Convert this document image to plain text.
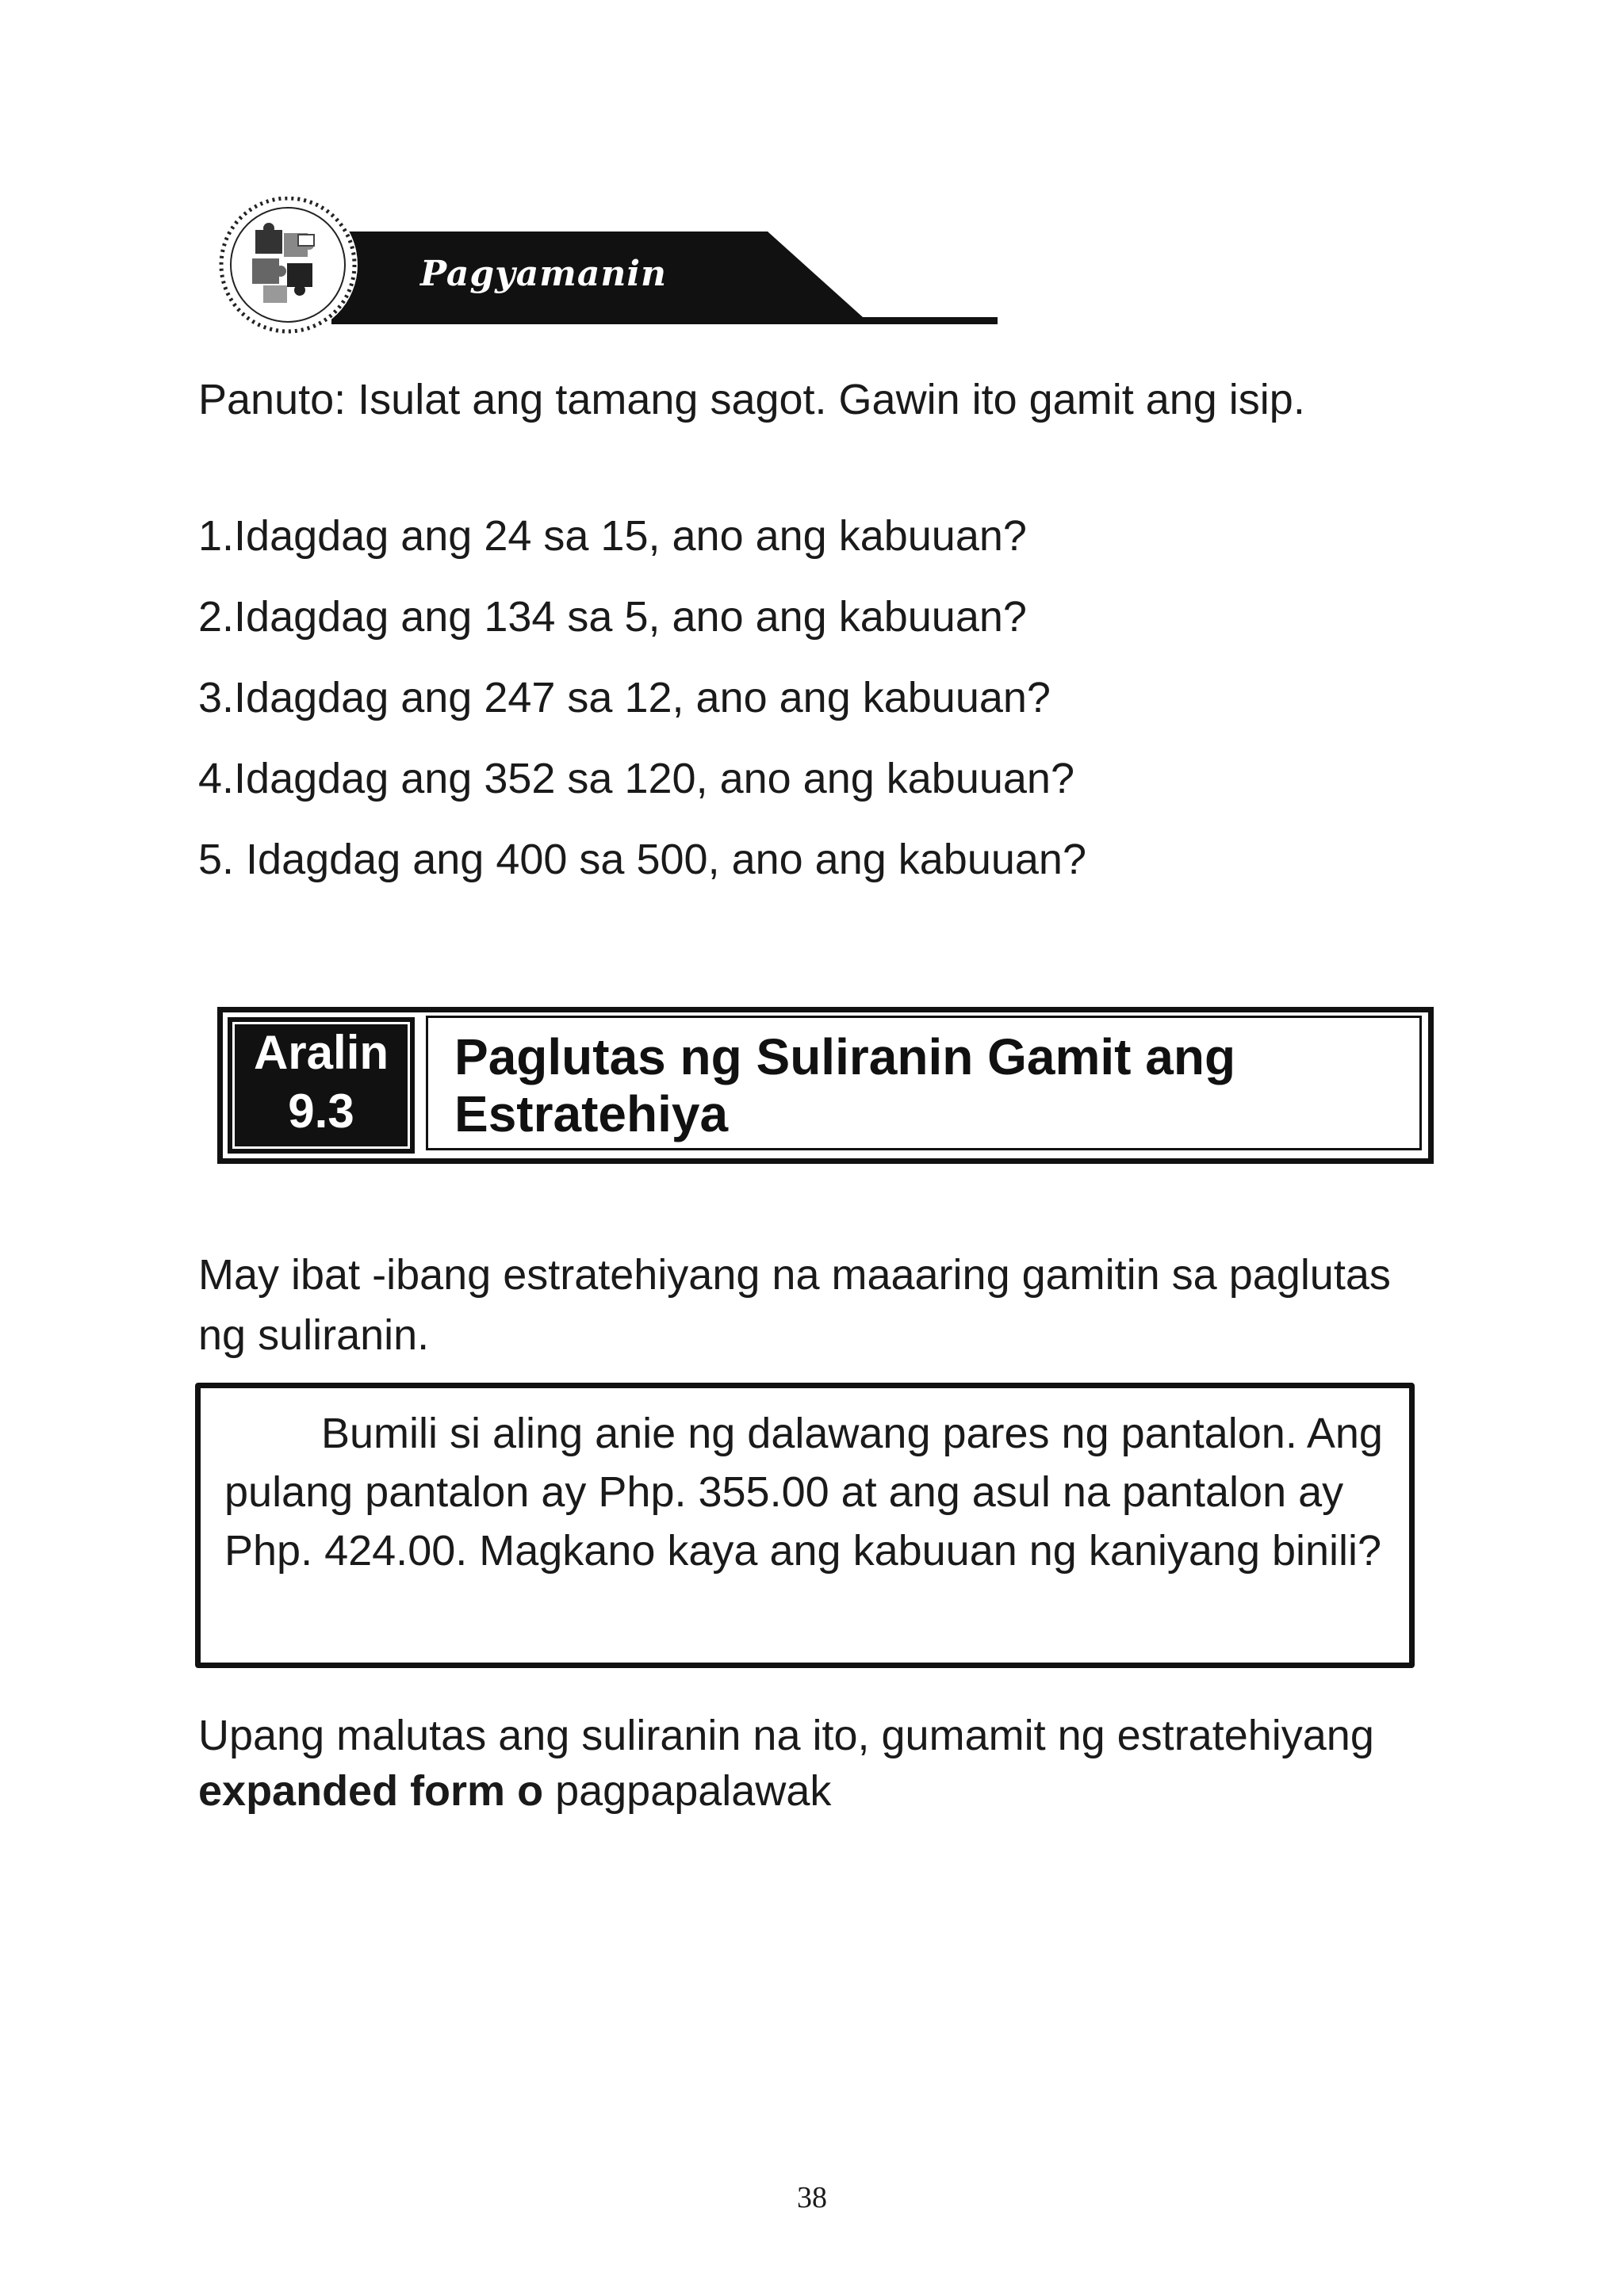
Pagyamanin
Panuto: Isulat ang tamang sagot. Gawin ito gamit ang isip.
1.Idagdag ang 24 sa 15, ano ang kabuuan?
2.Idagdag ang 134 sa 5, ano ang kabuuan?
3.Idagdag ang 247 sa 12, ano ang kabuuan?
4.Idagdag ang 352 sa 120, ano ang kabuuan?
5. Idagdag ang 400 sa 500, ano ang kabuuan?
Aralin
9.3
Paglutas ng Suliranin Gamit ang Estratehiya
May ibat -ibang estratehiyang na maaaring gamitin sa paglutas ng suliranin.
Bumili si aling anie ng dalawang pares ng pantalon. Ang pulang pantalon ay Php. 355.00 at ang asul na pantalon ay Php. 424.00. Magkano kaya ang kabuuan ng kaniyang binili?
Upang malutas ang suliranin na ito, gumamit ng estratehiyang expanded form o pagpapalawak
38
